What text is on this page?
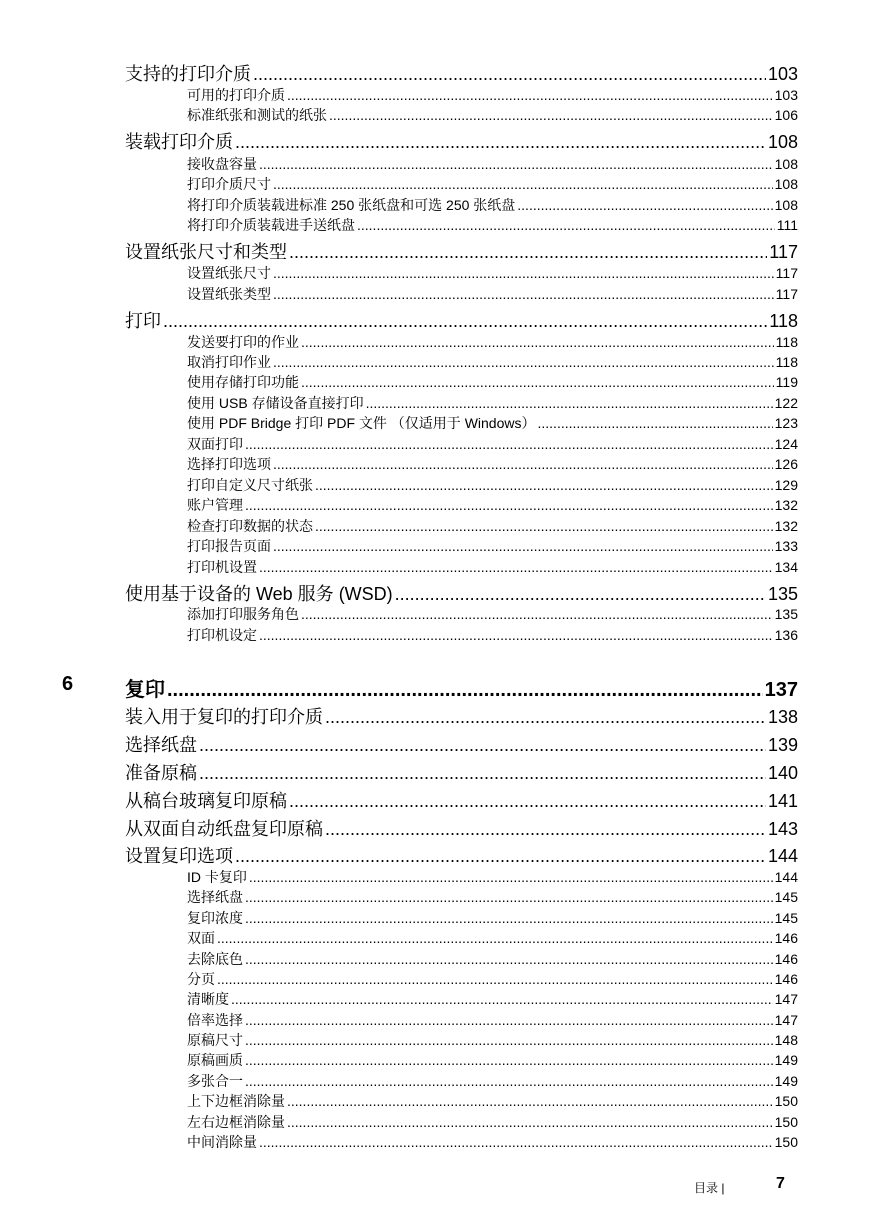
支持的打印介质 .....	103
可用的打印介质 .....	103
标准纸张和测试的纸张 .....	106
装载打印介质 .....	108
接收盘容量 .....	108
打印介质尺寸 .....	108
将打印介质装载进标准 250 张纸盘和可选 250 张纸盘 .....	108
将打印介质装载进手送纸盘 .....	111
设置纸张尺寸和类型 .....	117
设置纸张尺寸 .....	117
设置纸张类型 .....	117
打印 .....	118
发送要打印的作业 .....	118
取消打印作业 .....	118
使用存储打印功能 .....	119
使用 USB 存储设备直接打印 .....	122
使用 PDF Bridge 打印 PDF 文件 （仅适用于 Windows） .....	123
双面打印 .....	124
选择打印选项 .....	126
打印自定义尺寸纸张 .....	129
账户管理 .....	132
检查打印数据的状态 .....	132
打印报告页面 .....	133
打印机设置 .....	134
使用基于设备的 Web 服务 (WSD) .....	135
添加打印服务角色 .....	135
打印机设定 .....	136
复印 .....	137
6
装入用于复印的打印介质 .....	138
选择纸盘 .....	139
准备原稿 .....	140
从稿台玻璃复印原稿 .....	141
从双面自动纸盘复印原稿 .....	143
设置复印选项 .....	144
ID 卡复印 .....	144
选择纸盘 .....	145
复印浓度 .....	145
双面 .....	146
去除底色 .....	146
分页 .....	146
清晰度 .....	147
倍率选择 .....	147
原稿尺寸 .....	148
原稿画质 .....	149
多张合一 .....	149
上下边框消除量 .....	150
左右边框消除量 .....	150
中间消除量 .....	150
目录 |	7
